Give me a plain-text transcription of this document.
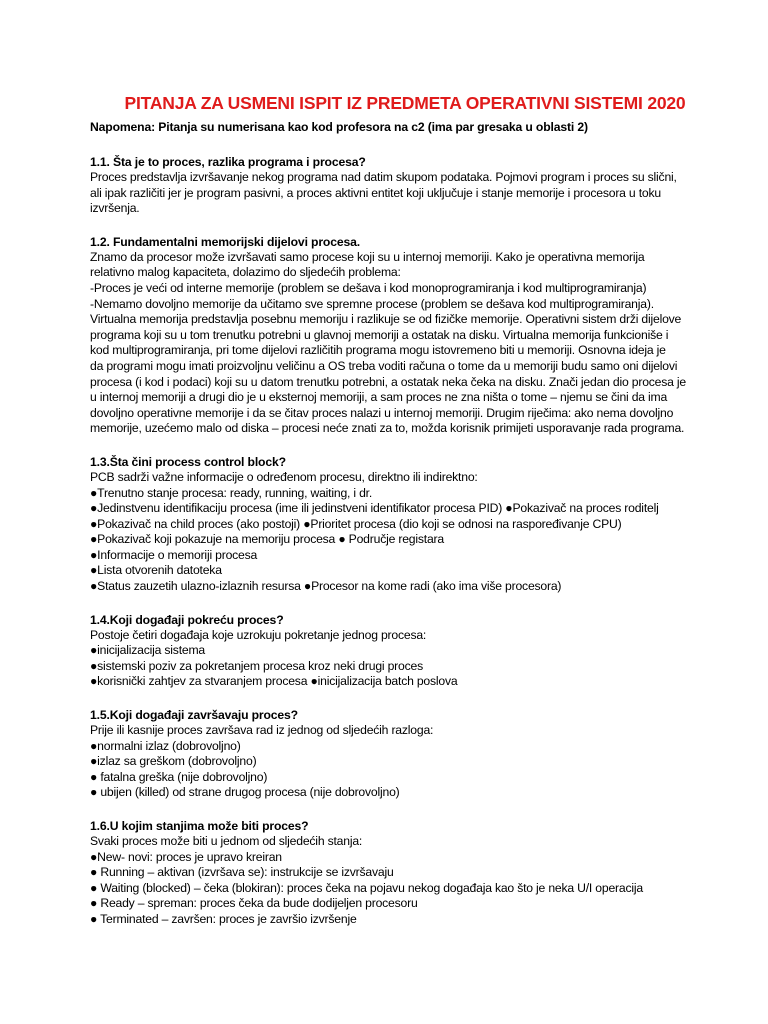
PITANJA ZA USMENI ISPIT IZ PREDMETA OPERATIVNI SISTEMI 2020
Napomena: Pitanja su numerisana kao kod profesora na c2 (ima par gresaka u oblasti 2)
1.1. Šta je to proces, razlika programa i procesa?
Proces predstavlja izvršavanje nekog programa nad datim skupom podataka. Pojmovi program i proces su slični,
ali ipak različiti jer je program pasivni, a proces aktivni entitet koji uključuje i stanje memorije i procesora u toku
izvršenja.
1.2. Fundamentalni memorijski dijelovi procesa.
Znamo da procesor može izvršavati samo procese koji su u internoj memoriji. Kako je operativna memorija
relativno malog kapaciteta, dolazimo do sljedećih problema:
-Proces je veći od interne memorije (problem se dešava i kod monoprogramiranja i kod multiprogramiranja)
-Nemamo dovoljno memorije da učitamo sve spremne procese (problem se dešava kod multiprogramiranja).
Virtualna memorija predstavlja posebnu memoriju i razlikuje se od fizičke memorije. Operativni sistem drži dijelove
programa koji su u tom trenutku potrebni u glavnoj memoriji a ostatak na disku. Virtualna memorija funkcioniše i
kod multiprogramiranja, pri tome dijelovi različitih programa mogu istovremeno biti u memoriji. Osnovna ideja je
da programi mogu imati proizvoljnu veličinu a OS treba voditi računa o tome da u memoriji budu samo oni dijelovi
procesa (i kod i podaci) koji su u datom trenutku potrebni, a ostatak neka čeka na disku. Znači jedan dio procesa je
u internoj memoriji a drugi dio je u eksternoj memoriji, a sam proces ne zna ništa o tome – njemu se čini da ima
dovoljno operativne memorije i da se čitav proces nalazi u internoj memoriji. Drugim riječima: ako nema dovoljno
memorije, uzećemo malo od diska – procesi neće znati za to, možda korisnik primijeti usporavanje rada programa.
1.3.Šta čini process control block?
PCB sadrži važne informacije o određenom procesu, direktno ili indirektno:
●Trenutno stanje procesa: ready, running, waiting, i dr.
●Jedinstvenu identifikaciju procesa (ime ili jedinstveni identifikator procesa PID) ●Pokazivač na proces roditelj
●Pokazivač na child proces (ako postoji) ●Prioritet procesa (dio koji se odnosi na raspoređivanje CPU)
●Pokazivač koji pokazuje na memoriju procesa ● Područje registara
●Informacije o memoriji procesa
●Lista otvorenih datoteka
●Status zauzetih ulazno-izlaznih resursa ●Procesor na kome radi (ako ima više procesora)
1.4.Koji događaji pokreću proces?
Postoje četiri događaja koje uzrokuju pokretanje jednog procesa:
●inicijalizacija sistema
●sistemski poziv za pokretanjem procesa kroz neki drugi proces
●korisnički zahtjev za stvaranjem procesa ●inicijalizacija batch poslova
1.5.Koji događaji završavaju proces?
Prije ili kasnije proces završava rad iz jednog od sljedećih razloga:
●normalni izlaz (dobrovoljno)
●izlaz sa greškom (dobrovoljno)
● fatalna greška (nije dobrovoljno)
● ubijen (killed) od strane drugog procesa (nije dobrovoljno)
1.6.U kojim stanjima može biti proces?
Svaki proces može biti u jednom od sljedećih stanja:
●New- novi: proces je upravo kreiran
● Running – aktivan (izvršava se): instrukcije se izvršavaju
● Waiting (blocked) – čeka (blokiran): proces čeka na pojavu nekog događaja kao što je neka U/I operacija
● Ready – spreman: proces čeka da bude dodijeljen procesoru
● Terminated – završen: proces je završio izvršenje
